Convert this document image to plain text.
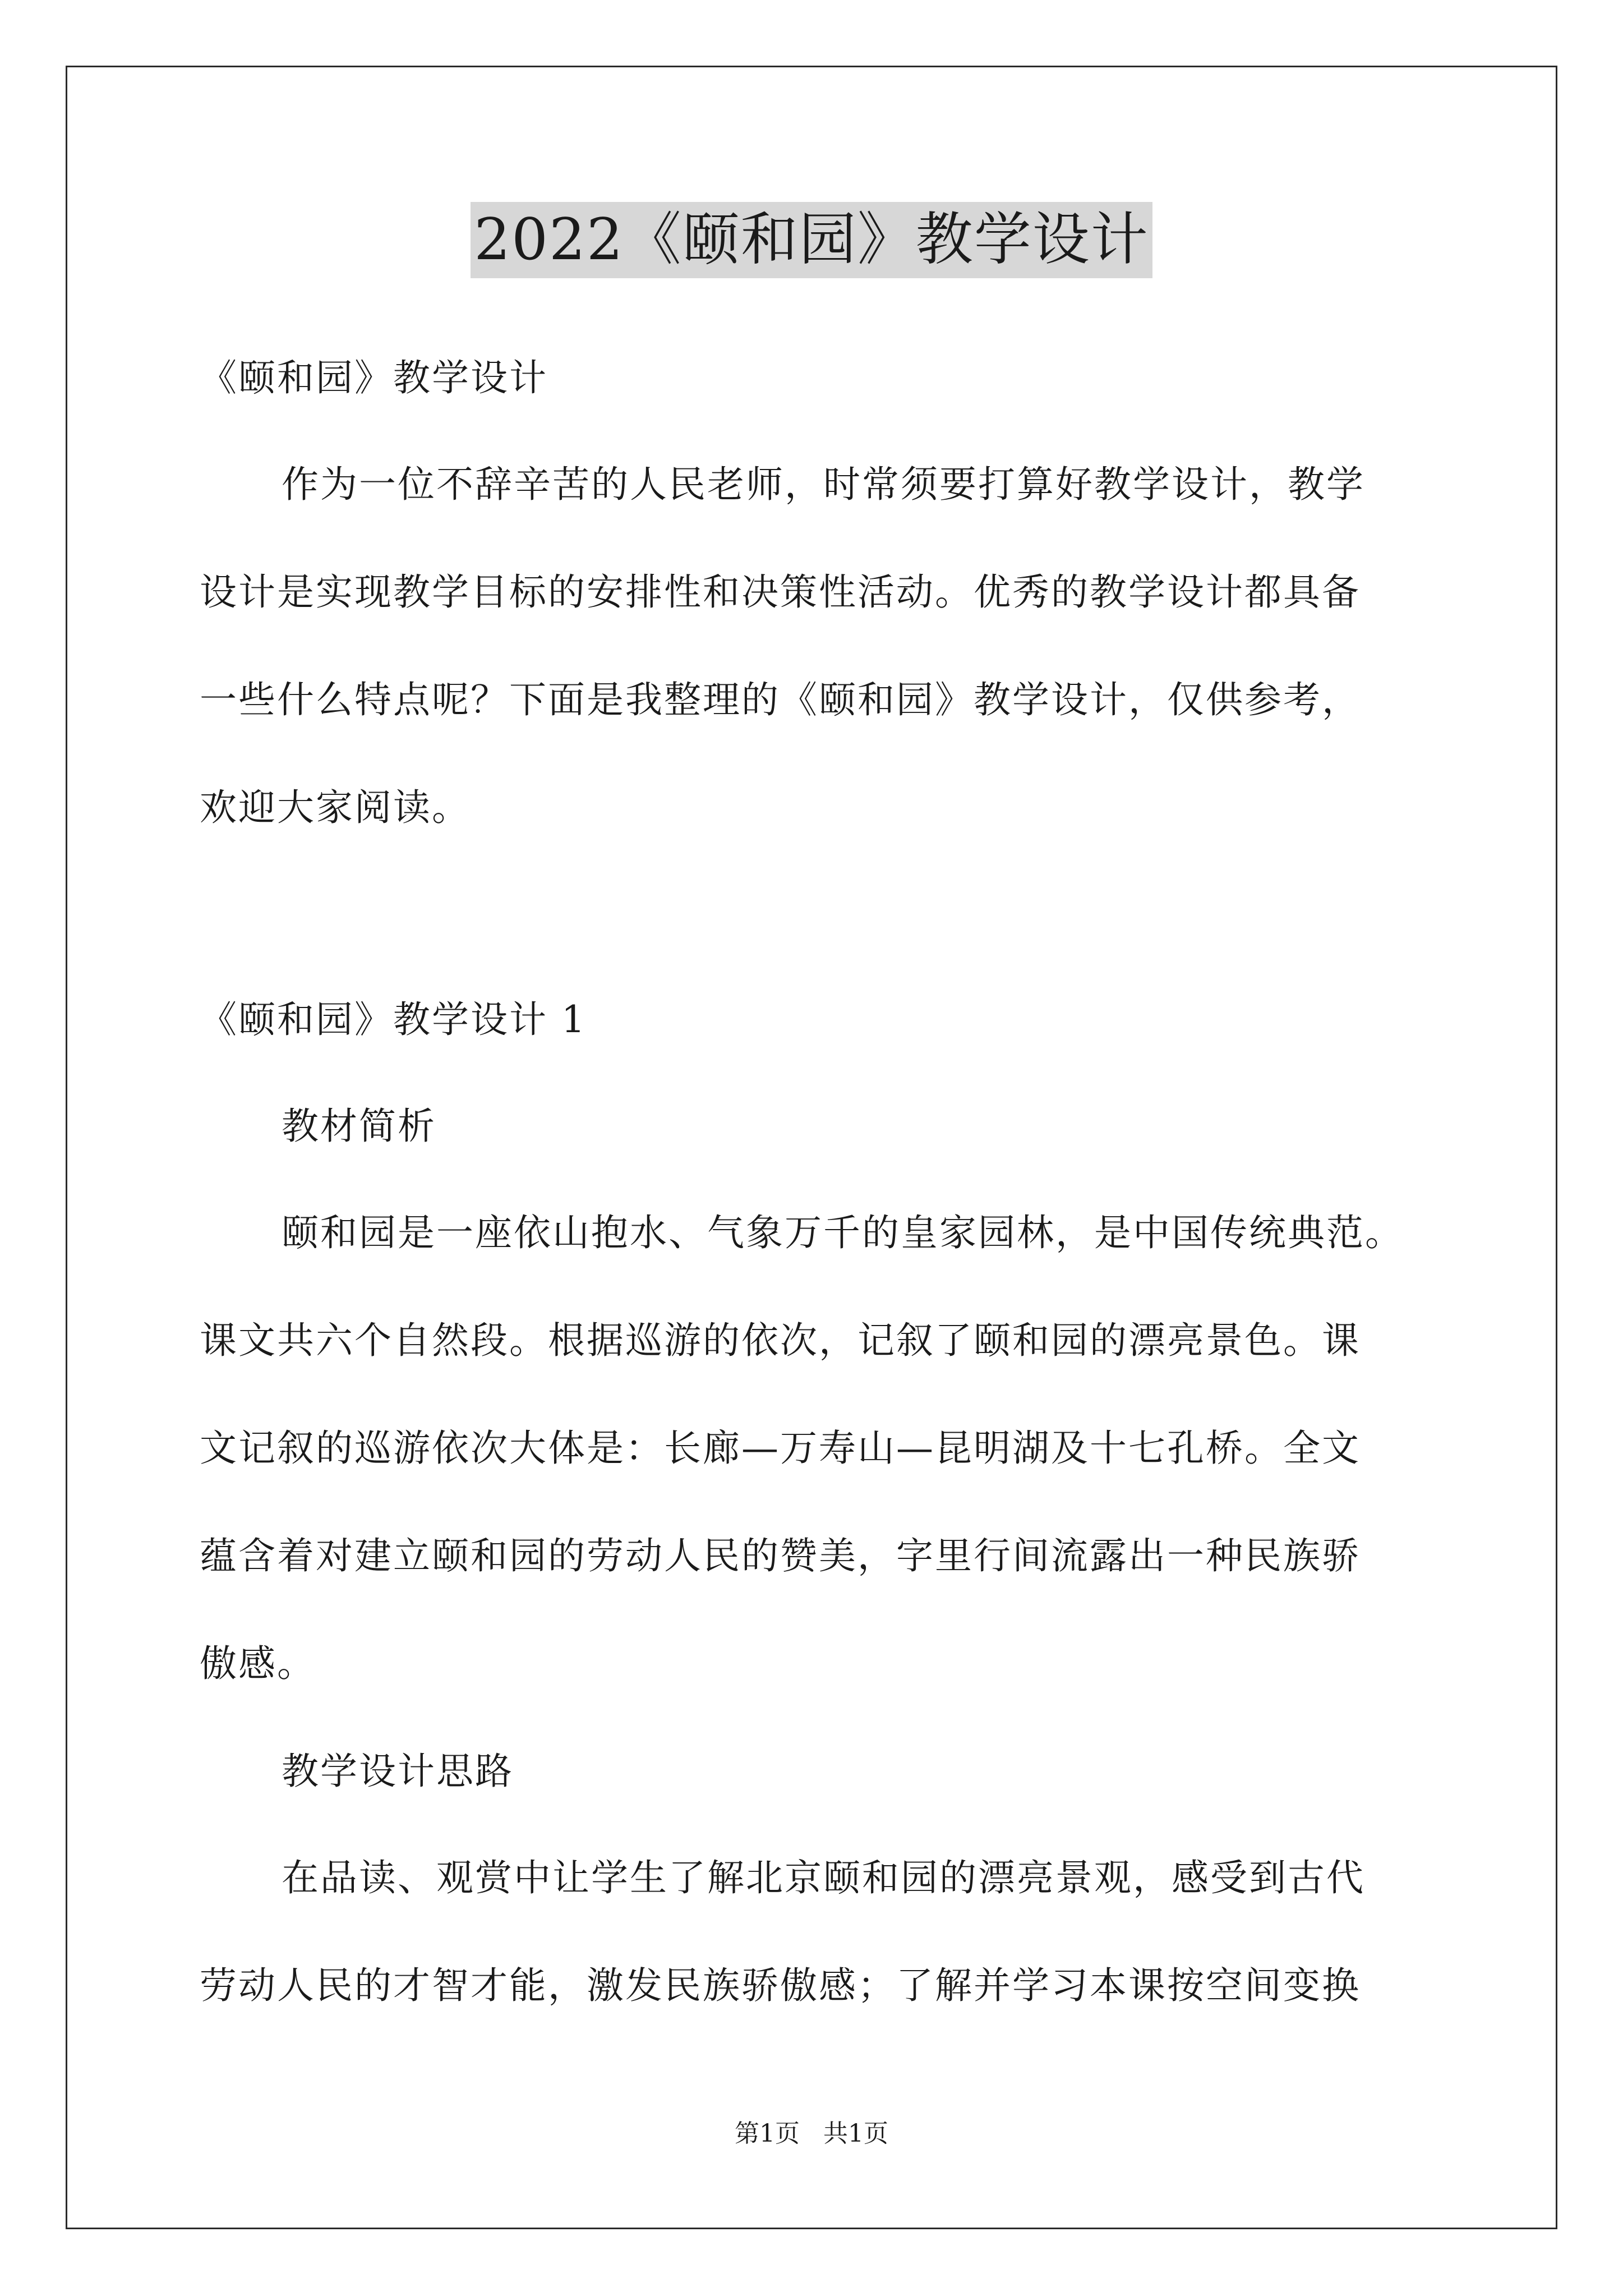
2022《颐和园》教学设计
《颐和园》教学设计
作为一位不辞辛苦的人民老师，时常须要打算好教学设计，教学
设计是实现教学目标的安排性和决策性活动。优秀的教学设计都具备
一些什么特点呢？下面是我整理的《颐和园》教学设计，仅供参考，
欢迎大家阅读。
《颐和园》教学设计 1
教材简析
颐和园是一座依山抱水、气象万千的皇家园林，是中国传统典范。
课文共六个自然段。根据巡游的依次，记叙了颐和园的漂亮景色。课
文记叙的巡游依次大体是：长廊—万寿山—昆明湖及十七孔桥。全文
蕴含着对建立颐和园的劳动人民的赞美，字里行间流露出一种民族骄
傲感。
教学设计思路
在品读、观赏中让学生了解北京颐和园的漂亮景观，感受到古代
劳动人民的才智才能，激发民族骄傲感；了解并学习本课按空间变换
第1页   共1页
